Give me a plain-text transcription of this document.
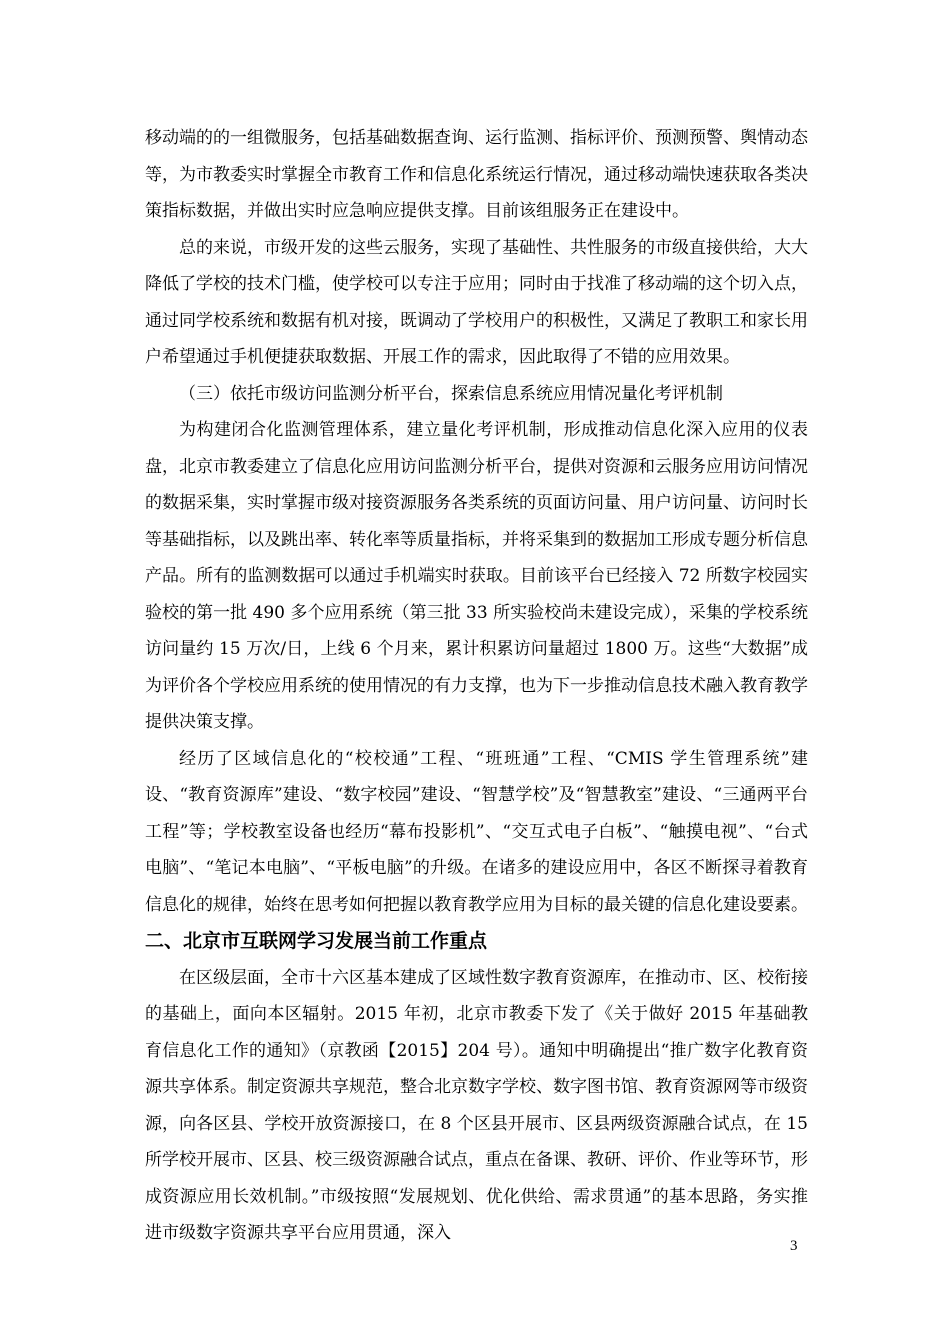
移动端的的一组微服务，包括基础数据查询、运行监测、指标评价、预测预警、舆情动态等，为市教委实时掌握全市教育工作和信息化系统运行情况，通过移动端快速获取各类决策指标数据，并做出实时应急响应提供支撑。目前该组服务正在建设中。

总的来说，市级开发的这些云服务，实现了基础性、共性服务的市级直接供给，大大降低了学校的技术门槛，使学校可以专注于应用；同时由于找准了移动端的这个切入点，通过同学校系统和数据有机对接，既调动了学校用户的积极性，又满足了教职工和家长用户希望通过手机便捷获取数据、开展工作的需求，因此取得了不错的应用效果。

（三）依托市级访问监测分析平台，探索信息系统应用情况量化考评机制

为构建闭合化监测管理体系，建立量化考评机制，形成推动信息化深入应用的仪表盘，北京市教委建立了信息化应用访问监测分析平台，提供对资源和云服务应用访问情况的数据采集，实时掌握市级对接资源服务各类系统的页面访问量、用户访问量、访问时长等基础指标，以及跳出率、转化率等质量指标，并将采集到的数据加工形成专题分析信息产品。所有的监测数据可以通过手机端实时获取。目前该平台已经接入 72 所数字校园实验校的第一批 490 多个应用系统（第三批 33 所实验校尚未建设完成），采集的学校系统访问量约 15 万次/日，上线 6 个月来，累计积累访问量超过 1800 万。这些“大数据”成为评价各个学校应用系统的使用情况的有力支撑，也为下一步推动信息技术融入教育教学提供决策支撑。

经历了区域信息化的“校校通”工程、“班班通”工程、“CMIS 学生管理系统”建设、“教育资源库”建设、“数字校园”建设、“智慧学校”及“智慧教室”建设、“三通两平台工程”等；学校教室设备也经历“幕布投影机”、“交互式电子白板”、“触摸电视”、“台式电脑”、“笔记本电脑”、“平板电脑”的升级。在诸多的建设应用中，各区不断探寻着教育信息化的规律，始终在思考如何把握以教育教学应用为目标的最关键的信息化建设要素。

二、北京市互联网学习发展当前工作重点

在区级层面，全市十六区基本建成了区域性数字教育资源库，在推动市、区、校衔接的基础上，面向本区辐射。2015 年初，北京市教委下发了《关于做好 2015 年基础教育信息化工作的通知》（京教函【2015】204 号）。通知中明确提出“推广数字化教育资源共享体系。制定资源共享规范，整合北京数字学校、数字图书馆、教育资源网等市级资源，向各区县、学校开放资源接口，在 8 个区县开展市、区县两级资源融合试点，在 15 所学校开展市、区县、校三级资源融合试点，重点在备课、教研、评价、作业等环节，形成资源应用长效机制。”市级按照“发展规划、优化供给、需求贯通”的基本思路，务实推进市级数字资源共享平台应用贯通，深入

3
